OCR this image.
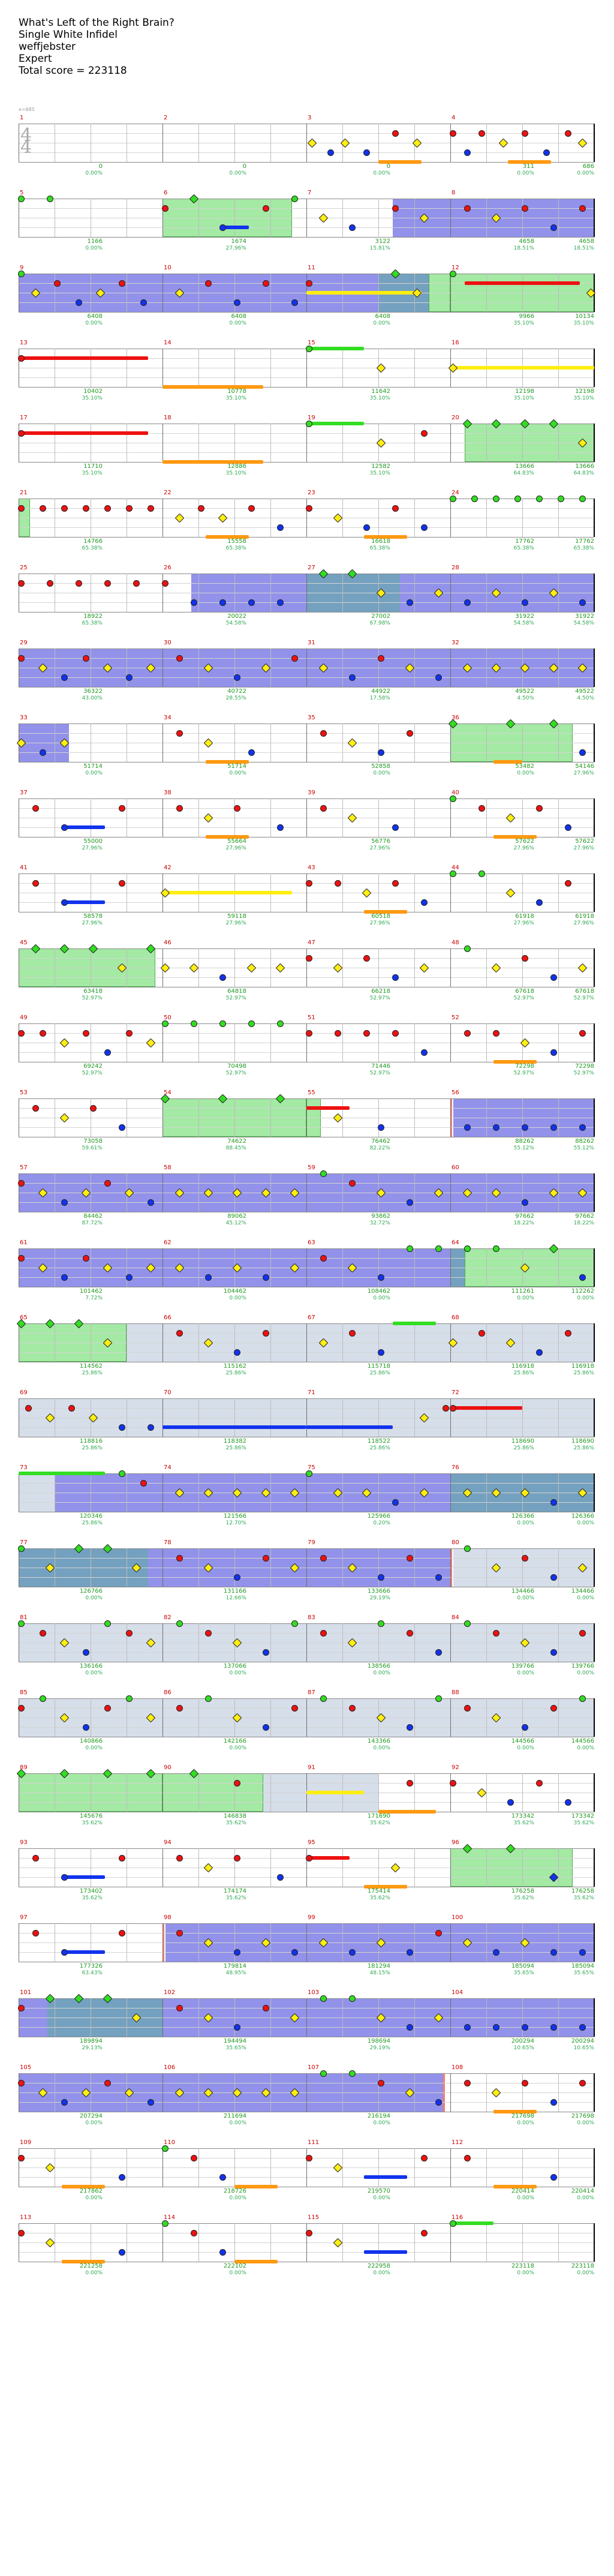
What's Left of the Right Brain?
Single White Infidel
weffjebster
Expert
Total score = 223118
x=685
4
4
1
0
0.00%
2
0
0.00%
3
0
0.00%
4
311
0.00%
686
0.00%
5
1166
0.00%
6
1674
27.96%
7
3122
15.81%
8
4658
18.51%
4658
18.51%
9
6408
0.00%
10
6408
0.00%
11
6408
0.00%
12
9966
35.10%
10134
35.10%
13
10402
35.10%
14
10778
35.10%
15
11642
35.10%
16
12198
35.10%
12198
35.10%
17
11710
35.10%
18
12886
35.10%
19
12582
35.10%
20
13666
64.83%
13666
64.83%
21
14766
65.38%
22
15558
65.38%
23
16618
65.38%
24
17762
65.38%
17762
65.38%
25
18922
65.38%
26
20022
54.58%
27
27002
67.98%
28
31922
54.58%
31922
54.58%
29
36322
43.00%
30
40722
28.55%
31
44922
17.58%
32
49522
4.50%
49522
4.50%
33
51714
0.00%
34
51714
0.00%
35
52858
0.00%
36
53482
0.00%
54146
27.96%
37
55000
27.96%
38
55664
27.96%
39
56776
27.96%
40
57622
27.96%
57622
27.96%
41
58578
27.96%
42
59118
27.96%
43
60518
27.96%
44
61918
27.96%
61918
27.96%
45
63418
52.97%
46
64818
52.97%
47
66218
52.97%
48
67618
52.97%
67618
52.97%
49
69242
52.97%
50
70498
52.97%
51
71446
52.97%
52
72298
52.97%
72298
52.97%
53
73058
59.61%
54
74622
88.45%
55
76462
82.22%
56
88262
55.12%
88262
55.12%
57
84462
87.72%
58
89062
45.12%
59
93862
32.72%
60
97662
18.22%
97662
18.22%
61
101462
7.72%
62
104462
0.00%
63
108462
0.00%
64
111261
0.00%
112262
0.00%
65
114562
25.86%
66
115162
25.86%
67
115718
25.86%
68
116918
25.86%
116918
25.86%
69
118816
25.86%
70
118382
25.86%
71
118522
25.86%
72
118690
25.86%
118690
25.86%
73
120346
25.86%
74
121566
12.70%
75
125966
0.20%
76
126366
0.00%
126366
0.00%
77
126766
0.00%
78
131166
12.66%
79
133666
29.19%
80
134466
0.00%
134466
0.00%
81
136166
0.00%
82
137066
0.00%
83
138566
0.00%
84
139766
0.00%
139766
0.00%
85
140866
0.00%
86
142166
0.00%
87
143366
0.00%
88
144566
0.00%
144566
0.00%
89
145676
35.62%
90
146838
35.62%
91
171690
35.62%
92
173342
35.62%
173342
35.62%
93
173402
35.62%
94
174174
35.62%
95
175414
35.62%
96
176258
35.62%
176258
35.62%
97
177326
63.43%
98
179814
48.95%
99
181294
48.15%
100
185094
35.65%
185094
35.65%
101
189894
29.13%
102
194494
35.65%
103
198694
29.19%
104
200294
10.65%
200294
10.65%
105
207294
0.00%
106
211694
0.00%
107
216194
0.00%
108
217698
0.00%
217698
0.00%
109
217862
0.00%
110
218726
0.00%
111
219570
0.00%
112
220414
0.00%
220414
0.00%
113
221258
0.00%
114
222102
0.00%
115
222958
0.00%
116
223118
0.00%
223118
0.00%
